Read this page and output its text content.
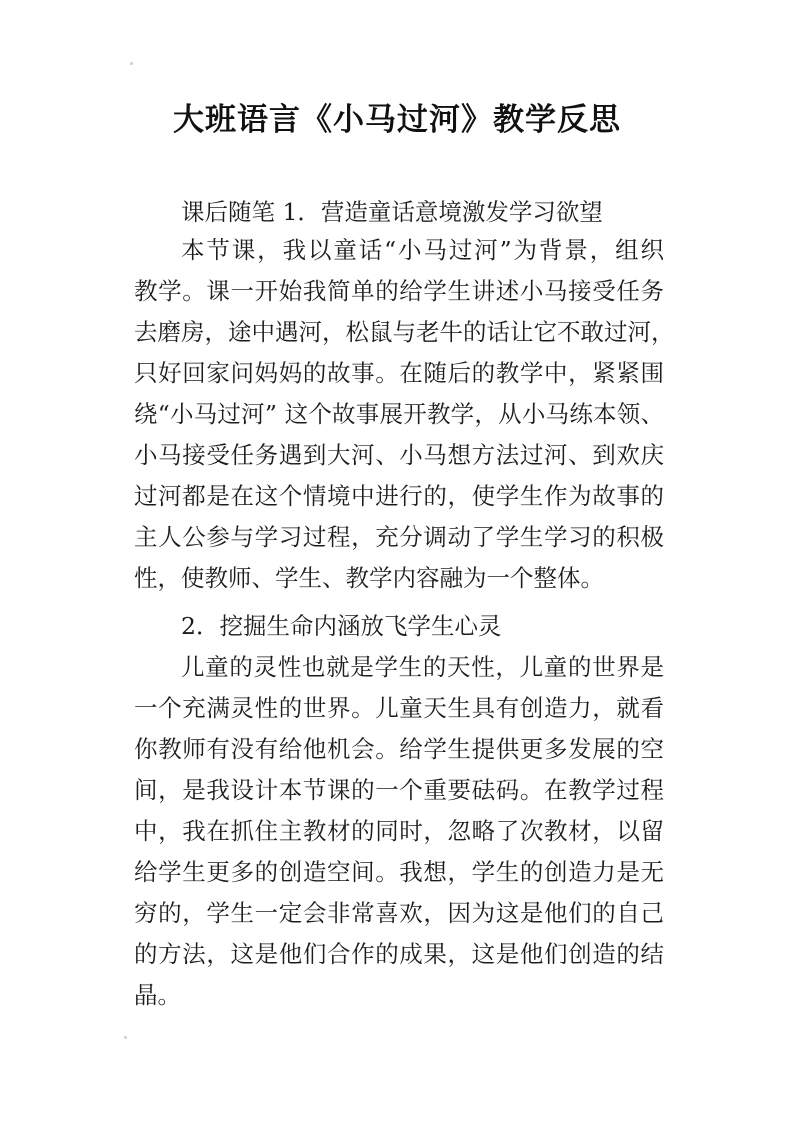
大班语言《小马过河》教学反思
课后随笔 1．营造童话意境激发学习欲望
本节课，我以童话“小马过河”为背景，组织
教学。课一开始我简单的给学生讲述小马接受任务
去磨房，途中遇河，松鼠与老牛的话让它不敢过河，
只好回家问妈妈的故事。在随后的教学中，紧紧围
绕“小马过河” 这个故事展开教学，从小马练本领、
小马接受任务遇到大河、小马想方法过河、到欢庆
过河都是在这个情境中进行的，使学生作为故事的
主人公参与学习过程，充分调动了学生学习的积极
性，使教师、学生、教学内容融为一个整体。
2．挖掘生命内涵放飞学生心灵
儿童的灵性也就是学生的天性，儿童的世界是
一个充满灵性的世界。儿童天生具有创造力，就看
你教师有没有给他机会。给学生提供更多发展的空
间，是我设计本节课的一个重要砝码。在教学过程
中，我在抓住主教材的同时，忽略了次教材，以留
给学生更多的创造空间。我想，学生的创造力是无
穷的，学生一定会非常喜欢，因为这是他们的自己
的方法，这是他们合作的成果，这是他们创造的结
晶。
